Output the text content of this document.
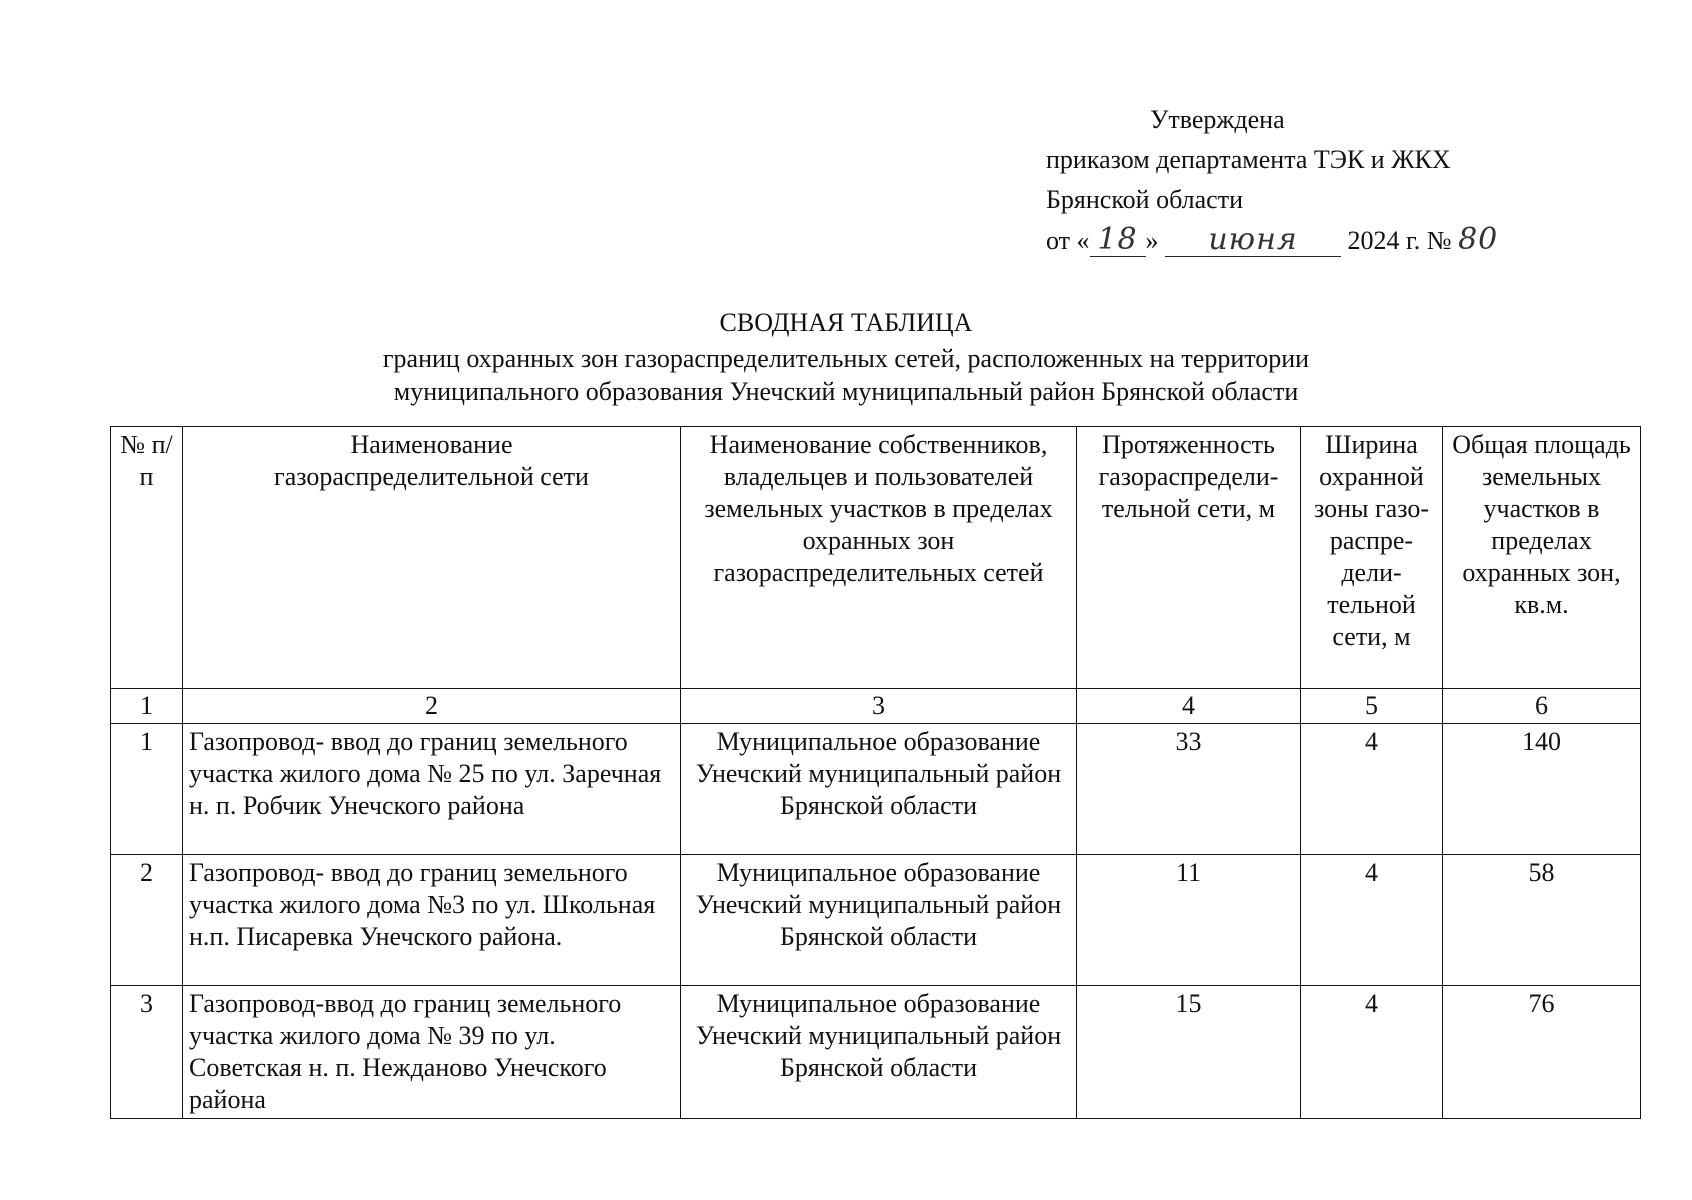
Утверждена
приказом департамента ТЭК и ЖКХ
Брянской области
от « 18 » июня 2024 г. № 80
СВОДНАЯ ТАБЛИЦА
границ охранных зон газораспределительных сетей, расположенных на территории
муниципального образования Унечский муниципальный район Брянской области
№ п/п	Наименование газораспределительной сети	Наименование собственников, владельцев и пользователей земельных участков в пределах охранных зон газораспределительных сетей	Протяженность газораспредели-тельной сети, м	Ширина охранной зоны газо-распре-дели-тельной сети, м	Общая площадь земельных участков в пределах охранных зон, кв.м.
1	2	3	4	5	6
1	Газопровод- ввод до границ земельного участка жилого дома № 25 по ул. Заречная н. п. Робчик Унечского района	Муниципальное образование Унечский муниципальный район Брянской области	33	4	140
2	Газопровод- ввод до границ земельного участка жилого дома №3 по ул. Школьная н.п. Писаревка Унечского района.	Муниципальное образование Унечский муниципальный район Брянской области	11	4	58
3	Газопровод-ввод до границ земельного участка жилого дома № 39 по ул. Советская н. п. Нежданово Унечского района	Муниципальное образование Унечский муниципальный район Брянской области	15	4	76
